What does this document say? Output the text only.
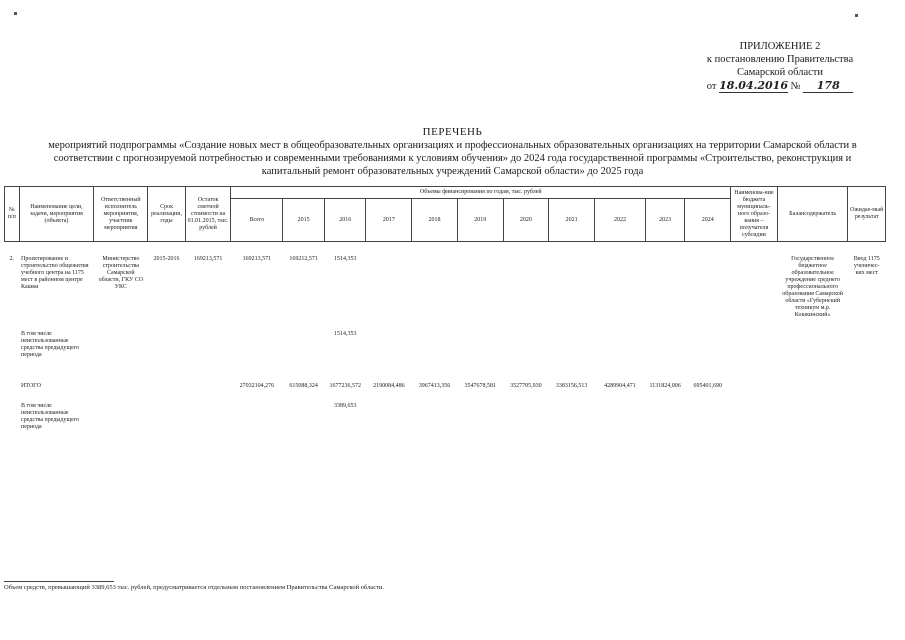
ПРИЛОЖЕНИЕ 2
к постановлению Правительства
Самарской области
от 18.04.2016 № 178
ПЕРЕЧЕНЬ
мероприятий подпрограммы «Создание новых мест в общеобразовательных организациях и профессиональных образовательных организациях на территории Самарской области в
соответствии с прогнозируемой потребностью и современными требованиями к условиям обучения» до 2024 года государственной программы «Строительство, реконструкция и
капитальный ремонт образовательных учреждений Самарской области» до 2025 года
№ п/п	Наименование цели, задачи, мероприятия (объекта)	Ответственный исполнитель мероприятия, участник мероприятия	Срок реализации, годы	Остаток сметной стоимости на 01.01.2015, тыс. рублей	Объемы финансирования по годам, тыс. рублей											Наименова-ние бюджета муниципаль-ного образо-вания – получателя субсидии	Балансодержатель	Ожидае-мый результат
					Всего	2015	2016	2017	2018	2019	2020	2021	2022	2023	2024			
2.	Проектирование и строительство общежития учебного центра на 1175 мест в районном центре Кашки	Министерство строительства Самарской области, ГКУ СО УКС	2015-2016	169213,571	169213,571	169212,571	1514,353										Государственное бюджетное образовательное учреждение среднего профессионального образования Самарской области «Губернский техникум м.р. Кошкинский»	Ввод 1175 ученичес-ких мест
	В том числе неиспользованные средства предыдущего периода						1514,353											
	ИТОГО				27032104,276	615088,324	1677236,572	2190084,486	3967413,356	3547678,581	3527705,930	3383156,513	4289904,471	1131824,006	695401,690			
	В том числе неиспользованные средства предыдущего периода						3389,653											
Объем средств, превышающий 3389,653 тыс. рублей, предусматривается отдельным постановлением Правительства Самарской области.
